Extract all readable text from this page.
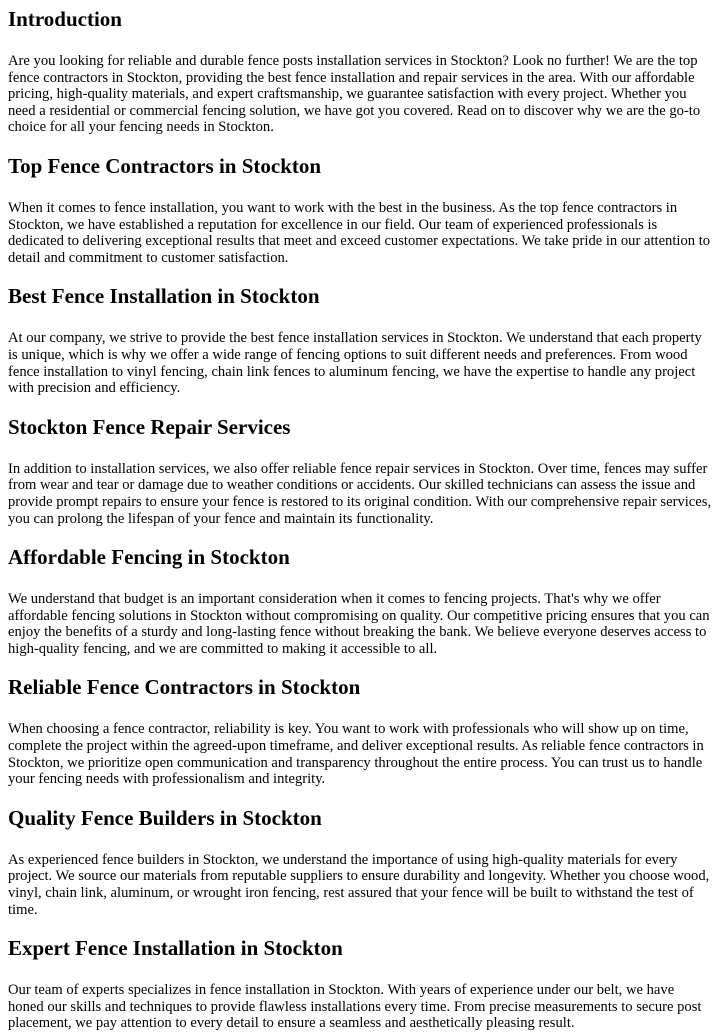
Introduction

Are you looking for reliable and durable fence posts installation services in Stockton? Look no further! We are the top fence contractors in Stockton, providing the best fence installation and repair services in the area. With our affordable pricing, high-quality materials, and expert craftsmanship, we guarantee satisfaction with every project. Whether you need a residential or commercial fencing solution, we have got you covered. Read on to discover why we are the go-to choice for all your fencing needs in Stockton.

Top Fence Contractors in Stockton

When it comes to fence installation, you want to work with the best in the business. As the top fence contractors in Stockton, we have established a reputation for excellence in our field. Our team of experienced professionals is dedicated to delivering exceptional results that meet and exceed customer expectations. We take pride in our attention to detail and commitment to customer satisfaction.

Best Fence Installation in Stockton

At our company, we strive to provide the best fence installation services in Stockton. We understand that each property is unique, which is why we offer a wide range of fencing options to suit different needs and preferences. From wood fence installation to vinyl fencing, chain link fences to aluminum fencing, we have the expertise to handle any project with precision and efficiency.

Stockton Fence Repair Services

In addition to installation services, we also offer reliable fence repair services in Stockton. Over time, fences may suffer from wear and tear or damage due to weather conditions or accidents. Our skilled technicians can assess the issue and provide prompt repairs to ensure your fence is restored to its original condition. With our comprehensive repair services, you can prolong the lifespan of your fence and maintain its functionality.

Affordable Fencing in Stockton

We understand that budget is an important consideration when it comes to fencing projects. That's why we offer affordable fencing solutions in Stockton without compromising on quality. Our competitive pricing ensures that you can enjoy the benefits of a sturdy and long-lasting fence without breaking the bank. We believe everyone deserves access to high-quality fencing, and we are committed to making it accessible to all.

Reliable Fence Contractors in Stockton

When choosing a fence contractor, reliability is key. You want to work with professionals who will show up on time, complete the project within the agreed-upon timeframe, and deliver exceptional results. As reliable fence contractors in Stockton, we prioritize open communication and transparency throughout the entire process. You can trust us to handle your fencing needs with professionalism and integrity.

Quality Fence Builders in Stockton

As experienced fence builders in Stockton, we understand the importance of using high-quality materials for every project. We source our materials from reputable suppliers to ensure durability and longevity. Whether you choose wood, vinyl, chain link, aluminum, or wrought iron fencing, rest assured that your fence will be built to withstand the test of time.

Expert Fence Installation in Stockton

Our team of experts specializes in fence installation in Stockton. With years of experience under our belt, we have honed our skills and techniques to provide flawless installations every time. From precise measurements to secure post placement, we pay attention to every detail to ensure a seamless and aesthetically pleasing result.
